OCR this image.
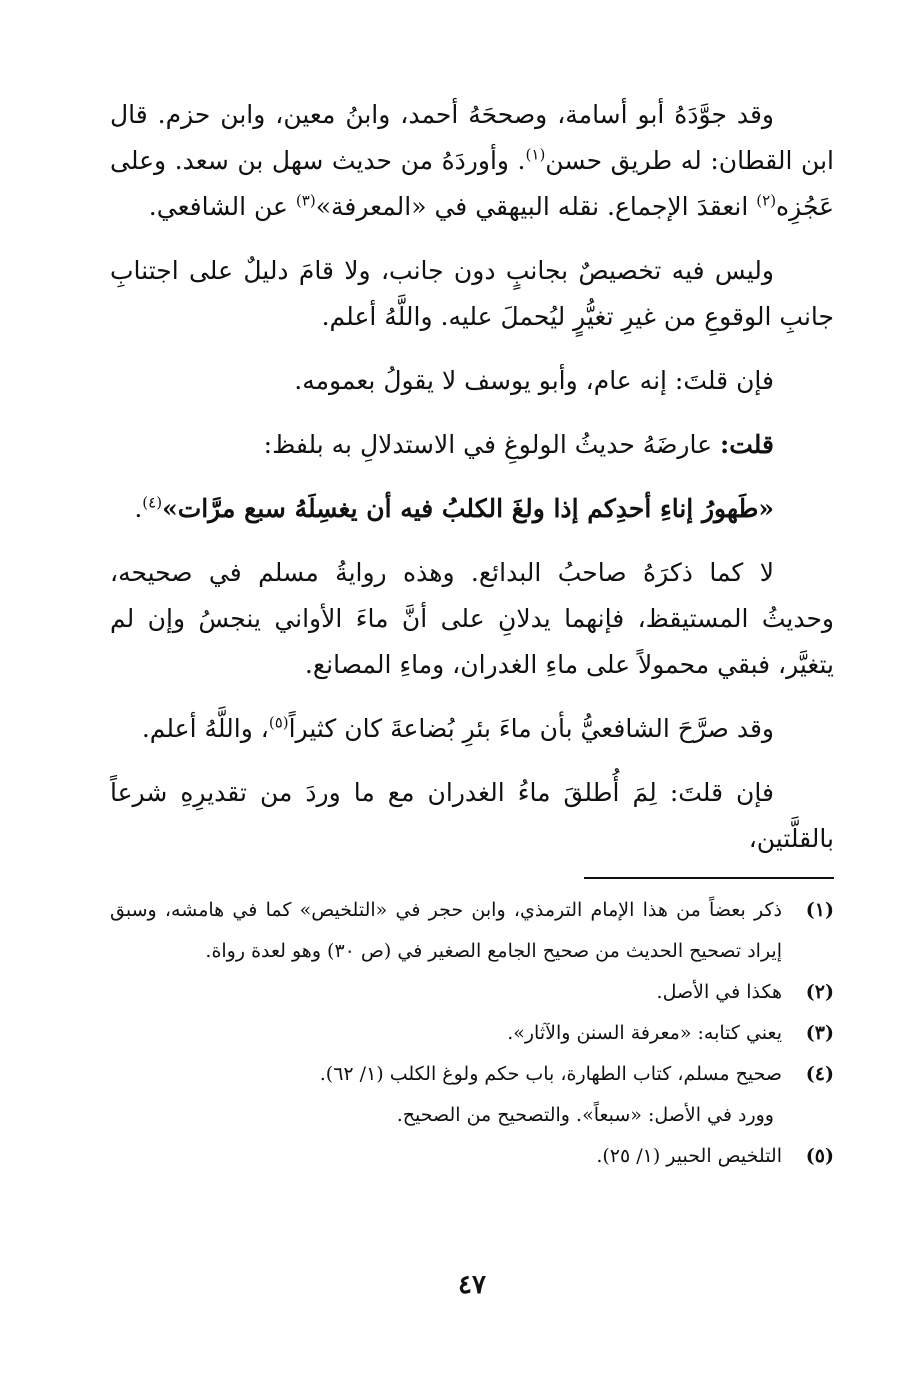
وقد جوَّدَهُ أبو أسامة، وصححَهُ أحمد، وابنُ معين، وابن حزم. قال ابن القطان: له طريق حسن$^{(١)}$. وأوردَهُ من حديث سهل بن سعد. وعلى عَجُزِه$^{(٢)}$ انعقدَ الإجماع. نقله البيهقي في «المعرفة»$^{(٣)}$ عن الشافعي.

وليس فيه تخصيصٌ بجانبٍ دون جانب، ولا قامَ دليلٌ على اجتنابِ جانبِ الوقوعِ من غيرِ تغيُّرٍ ليُحملَ عليه. واللَّهُ أعلم.

فإن قلتَ: إنه عام، وأبو يوسف لا يقولُ بعمومه.

قلت: عارضَهُ حديثُ الولوغِ في الاستدلالِ به بلفظ:

«طَهورُ إناءِ أحدِكم إذا ولغَ الكلبُ فيه أن يغسِلَهُ سبع مرَّات»$^{(٤)}$.

لا كما ذكرَهُ صاحبُ البدائع. وهذه روايةُ مسلم في صحيحه، وحديثُ المستيقظ، فإنهما يدلانِ على أنَّ ماءَ الأواني ينجسُ وإن لم يتغيَّر، فبقي محمولاً على ماءِ الغدران، وماءِ المصانع.

وقد صرَّحَ الشافعيُّ بأن ماءَ بئرِ بُضاعةَ كان كثيراً$^{(٥)}$، واللَّهُ أعلم.

فإن قلتَ: لِمَ أُطلقَ ماءُ الغدران مع ما وردَ من تقديرِهِ شرعاً بالقلَّتين،

(١)
ذكر بعضاً من هذا الإمام الترمذي، وابن حجر في «التلخيص» كما في هامشه، وسبق إيراد تصحيح الحديث من صحيح الجامع الصغير في (ص ٣٠) وهو لعدة رواة.
(٢)
هكذا في الأصل.
(٣)
يعني كتابه: «معرفة السنن والآثار».
(٤)
صحيح مسلم، كتاب الطهارة، باب حكم ولوغ الكلب (١/ ٦٢).
وورد في الأصل: «سبعاً». والتصحيح من الصحيح.
(٥)
التلخيص الحبير (١/ ٢٥).
٤٧
